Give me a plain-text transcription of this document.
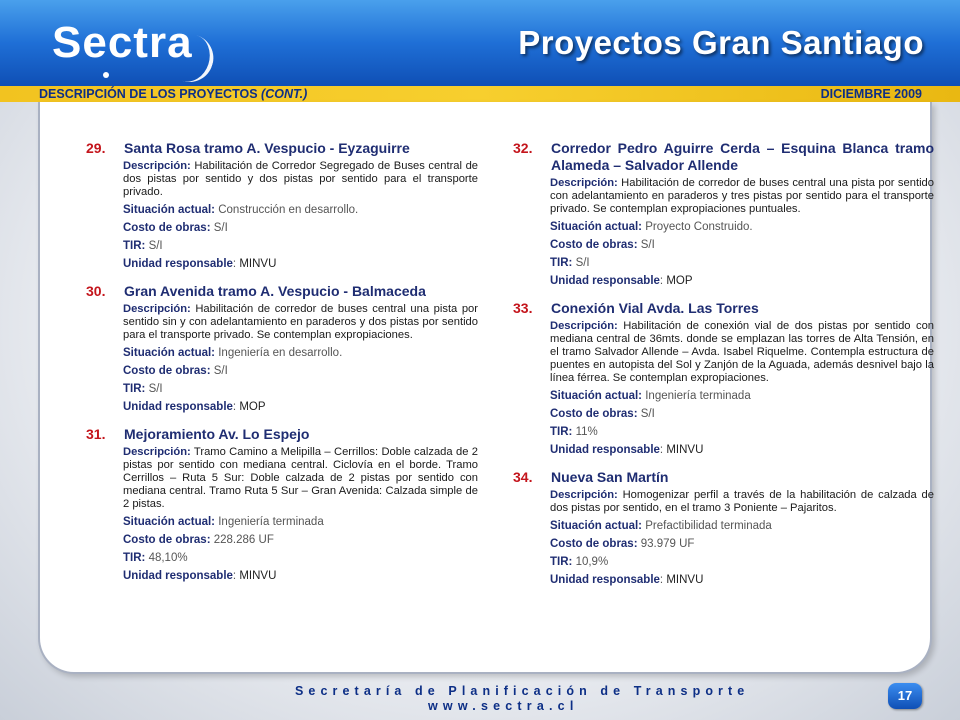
Sectra	Proyectos Gran Santiago
DESCRIPCIÓN DE LOS PROYECTOS (CONT.)	DICIEMBRE 2009
29.	Santa Rosa tramo A. Vespucio - Eyzaguirre
Descripción: Habilitación de Corredor Segregado de Buses central de dos pistas por sentido y dos pistas por sentido para el transporte privado.
Situación actual: Construcción en desarrollo.
Costo de obras: S/I
TIR: S/I
Unidad responsable: MINVU
30.	Gran Avenida tramo A. Vespucio - Balmaceda
Descripción: Habilitación de corredor de buses central una pista por sentido sin y con adelantamiento en paraderos y dos pistas por sentido para el transporte privado. Se contemplan expropiaciones.
Situación actual: Ingeniería en desarrollo.
Costo de obras: S/I
TIR: S/I
Unidad responsable: MOP
31.	Mejoramiento Av. Lo Espejo
Descripción: Tramo Camino a Melipilla – Cerrillos: Doble calzada de 2 pistas por sentido con mediana central. Ciclovía en el borde. Tramo Cerrillos – Ruta 5 Sur: Doble calzada de 2 pistas por sentido con mediana central. Tramo Ruta 5 Sur – Gran Avenida: Calzada simple de 2 pistas.
Situación actual: Ingeniería terminada
Costo de obras: 228.286 UF
TIR: 48,10%
Unidad responsable: MINVU
32.	Corredor Pedro Aguirre Cerda – Esquina Blanca tramo Alameda – Salvador Allende
Descripción: Habilitación de corredor de buses central una pista por sentido con adelantamiento en paraderos y tres pistas por sentido para el transporte privado. Se contemplan expropiaciones puntuales.
Situación actual: Proyecto Construido.
Costo de obras: S/I
TIR: S/I
Unidad responsable: MOP
33.	Conexión Vial Avda. Las Torres
Descripción: Habilitación de conexión vial de dos pistas por sentido con mediana central de 36mts. donde se emplazan las torres de Alta Tensión, en el tramo Salvador Allende – Avda. Isabel Riquelme. Contempla estructura de puentes en autopista del Sol y Zanjón de la Aguada, además desnivel bajo la línea férrea. Se contemplan expropiaciones.
Situación actual: Ingeniería terminada
Costo de obras: S/I
TIR: 11%
Unidad responsable: MINVU
34.	Nueva San Martín
Descripción: Homogenizar perfil a través de la habilitación de calzada de dos pistas por sentido, en el tramo 3 Poniente – Pajaritos.
Situación actual: Prefactibilidad terminada
Costo de obras: 93.979 UF
TIR: 10,9%
Unidad responsable: MINVU
Secretaría de Planificación de Transporte
www.sectra.cl
17
